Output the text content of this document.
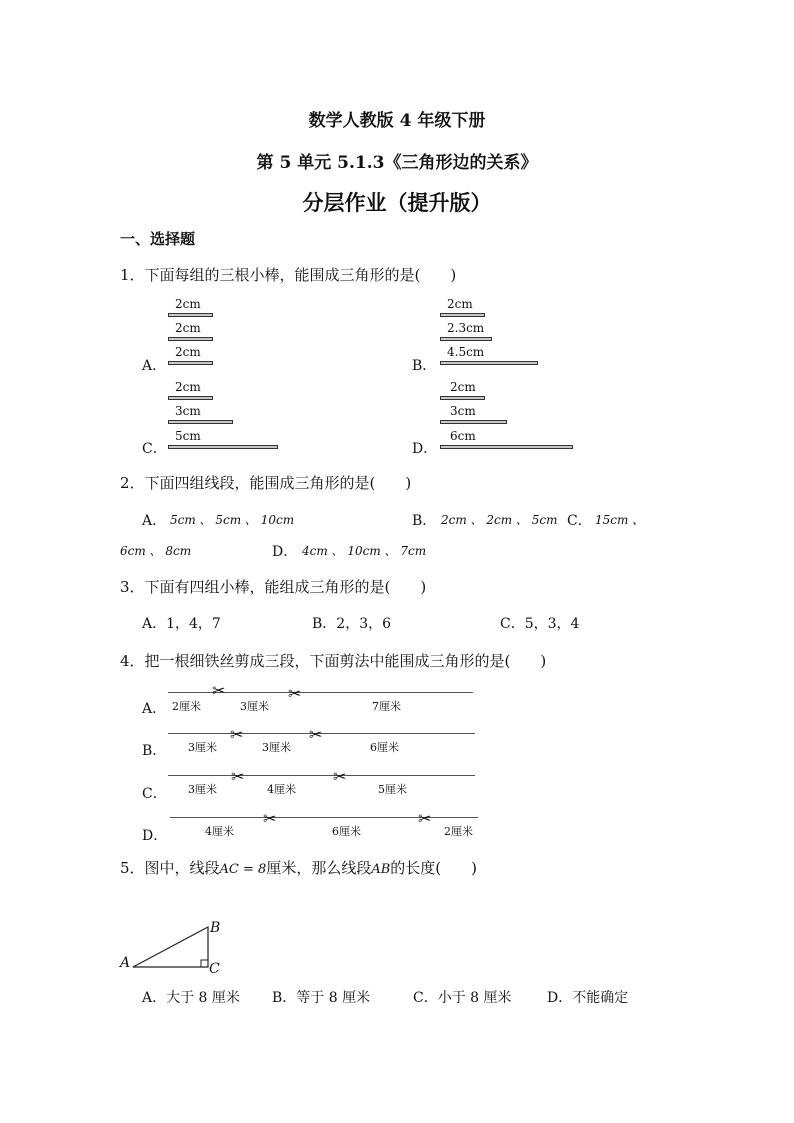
数学人教版 4 年级下册
第 5 单元 5.1.3《三角形边的关系》
分层作业（提升版）
一、选择题
1．下面每组的三根小棒，能围成三角形的是(　　)
A．
2cm
2cm
2cm
B．
2cm
2.3cm
4.5cm
C．
2cm
3cm
5cm
D．
2cm
3cm
6cm
2．下面四组线段，能围成三角形的是(　　)
A． 5cm 、 5cm 、 10cm	B． 2cm 、 2cm 、 5cm C． 15cm 、
6cm 、 8cm	D． 4cm 、 10cm 、 7cm
3．下面有四组小棒，能组成三角形的是(　　)
A．1，4，7	B．2，3，6	C．5，3，4
4．把一根细铁丝剪成三段，下面剪法中能围成三角形的是(　　)
A． 2厘米	3厘米	7厘米
✂	✂
B． 3厘米	3厘米	6厘米
✂	✂
C． 3厘米	4厘米	5厘米
✂	✂
D．	4厘米	6厘米	2厘米
✂	✂
5．图中，线段AC = 8厘米，那么线段AB的长度(　　)
A
B
C
A．大于 8 厘米 B．等于 8 厘米	C．小于 8 厘米	D．不能确定
